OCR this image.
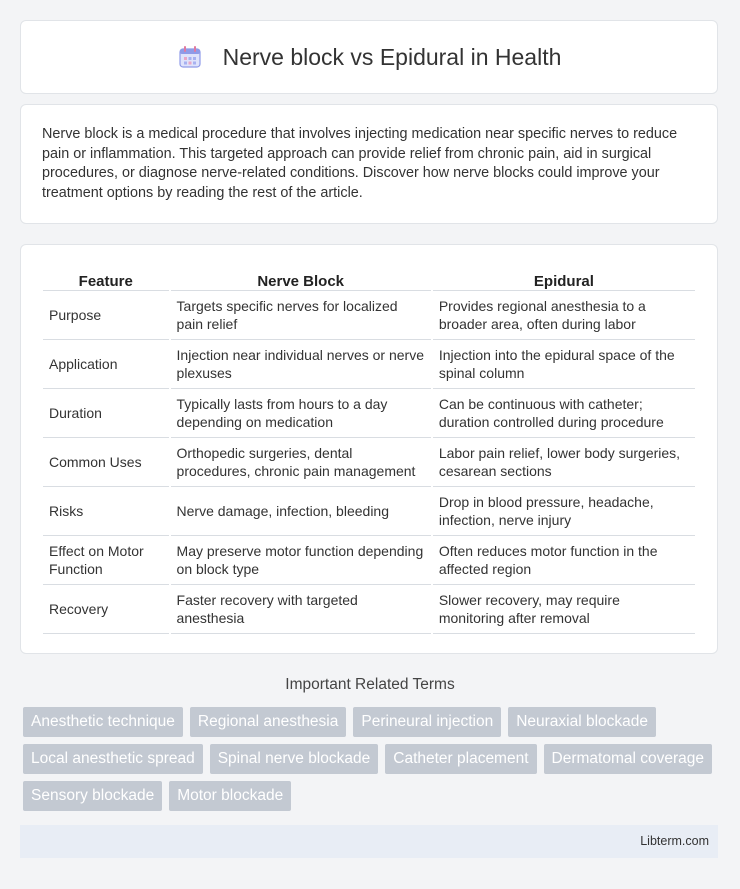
Nerve block vs Epidural in Health

Nerve block is a medical procedure that involves injecting medication near specific nerves to reduce pain or inflammation. This targeted approach can provide relief from chronic pain, aid in surgical procedures, or diagnose nerve-related conditions. Discover how nerve blocks could improve your treatment options by reading the rest of the article.

Feature	Nerve Block	Epidural
Purpose	Targets specific nerves for localized pain relief	Provides regional anesthesia to a broader area, often during labor
Application	Injection near individual nerves or nerve plexuses	Injection into the epidural space of the spinal column
Duration	Typically lasts from hours to a day depending on medication	Can be continuous with catheter; duration controlled during procedure
Common Uses	Orthopedic surgeries, dental procedures, chronic pain management	Labor pain relief, lower body surgeries, cesarean sections
Risks	Nerve damage, infection, bleeding	Drop in blood pressure, headache, infection, nerve injury
Effect on Motor Function	May preserve motor function depending on block type	Often reduces motor function in the affected region
Recovery	Faster recovery with targeted anesthesia	Slower recovery, may require monitoring after removal
Important Related Terms
Anesthetic technique	Regional anesthesia	Perineural injection	Neuraxial blockade
Local anesthetic spread	Spinal nerve blockade	Catheter placement	Dermatomal coverage
Sensory blockade	Motor blockade
Libterm.com
